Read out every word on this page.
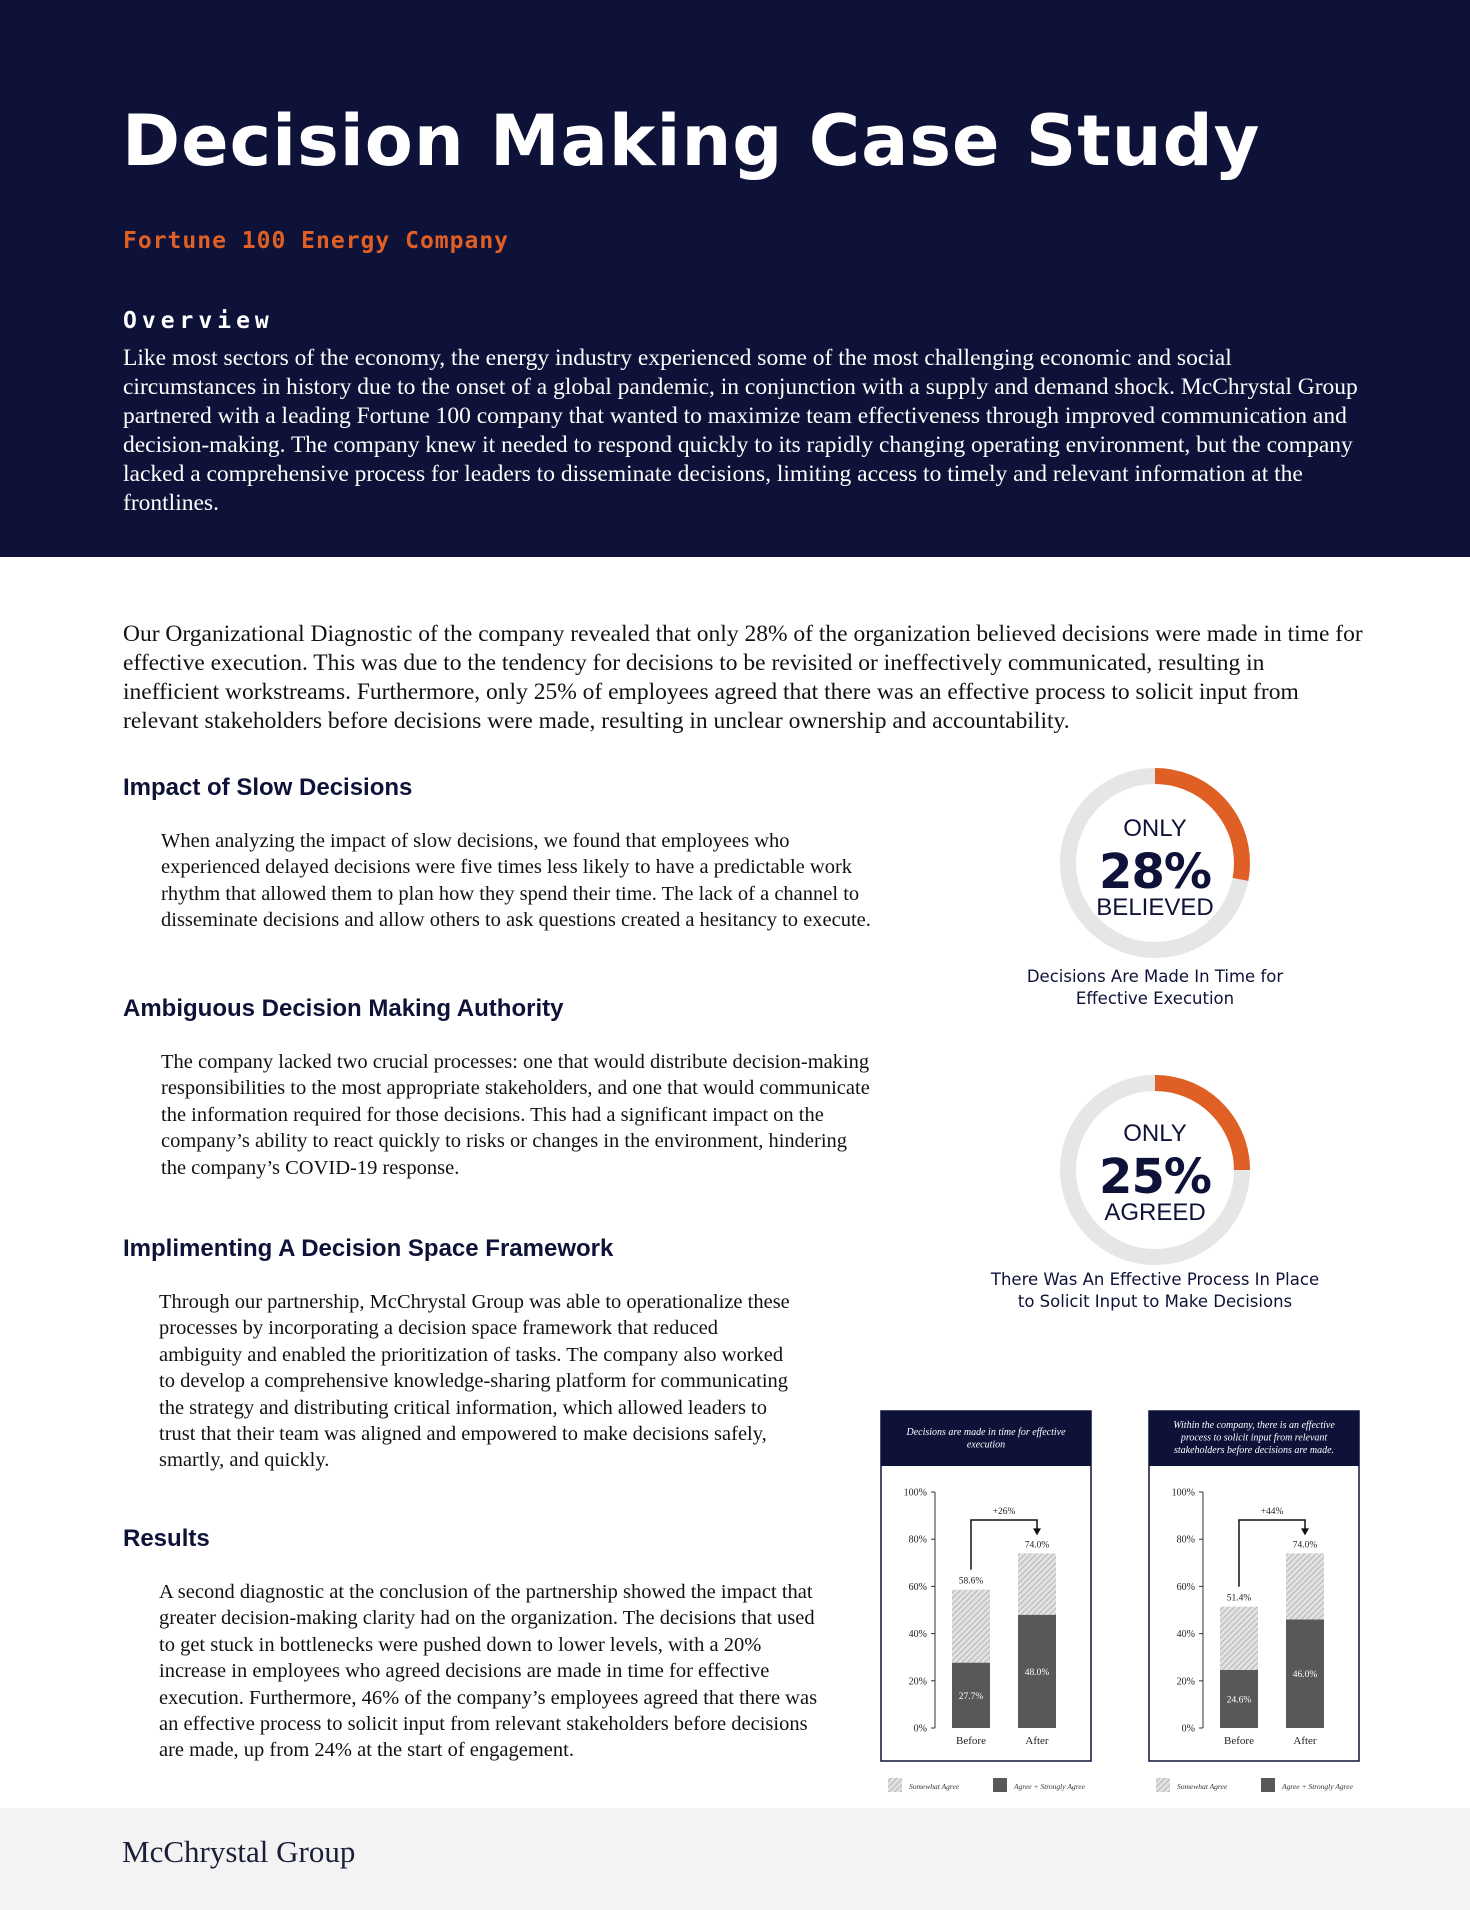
Decision Making Case Study
Fortune 100 Energy Company
Overview
Like most sectors of the economy, the energy industry experienced some of the most challenging economic and social circumstances in history due to the onset of a global pandemic, in conjunction with a supply and demand shock. McChrystal Group partnered with a leading Fortune 100 company that wanted to maximize team effectiveness through improved communication and decision-making. The company knew it needed to respond quickly to its rapidly changing operating environment, but the company lacked a comprehensive process for leaders to disseminate decisions, limiting access to timely and relevant information at the frontlines.
Our Organizational Diagnostic of the company revealed that only 28% of the organization believed decisions were made in time for effective execution. This was due to the tendency for decisions to be revisited or ineffectively communicated, resulting in inefficient workstreams. Furthermore, only 25% of employees agreed that there was an effective process to solicit input from relevant stakeholders before decisions were made, resulting in unclear ownership and accountability.
Impact of Slow Decisions
When analyzing the impact of slow decisions, we found that employees who experienced delayed decisions were five times less likely to have a predictable work rhythm that allowed them to plan how they spend their time. The lack of a channel to disseminate decisions and allow others to ask questions created a hesitancy to execute.
Ambiguous Decision Making Authority
The company lacked two crucial processes: one that would distribute decision-making responsibilities to the most appropriate stakeholders, and one that would communicate the information required for those decisions. This had a significant impact on the company’s ability to react quickly to risks or changes in the environment, hindering the company’s COVID-19 response.
Implimenting A Decision Space Framework
Through our partnership, McChrystal Group was able to operationalize these processes by incorporating a decision space framework that reduced ambiguity and enabled the prioritization of tasks. The company also worked to develop a comprehensive knowledge-sharing platform for communicating the strategy and distributing critical information, which allowed leaders to trust that their team was aligned and empowered to make decisions safely, smartly, and quickly.
Results
A second diagnostic at the conclusion of the partnership showed the impact that greater decision-making clarity had on the organization. The decisions that used to get stuck in bottlenecks were pushed down to lower levels, with a 20% increase in employees who agreed decisions are made in time for effective execution. Furthermore, 46% of the company’s employees agreed that there was an effective process to solicit input from relevant stakeholders before decisions are made, up from 24% at the start of engagement.
ONLY
28%
BELIEVED
Decisions Are Made In Time for
Effective Execution
ONLY
25%
AGREED
There Was An Effective Process In Place
to Solicit Input to Make Decisions
Decisions are made in time for effective
execution
0%
20%
40%
60%
80%
100%
58.6%
27.7%
Before
74.0%
48.0%
After
+26%
Somewhat Agree	Agree + Strongly Agree
Within the company, there is an effective
process to solicit input from relevant
stakeholders before decisions are made.
0%
20%
40%
60%
80%
100%
51.4%
24.6%
Before
74.0%
46.0%
After
+44%
Somewhat Agree	Agree + Strongly Agree
McChrystal Group
